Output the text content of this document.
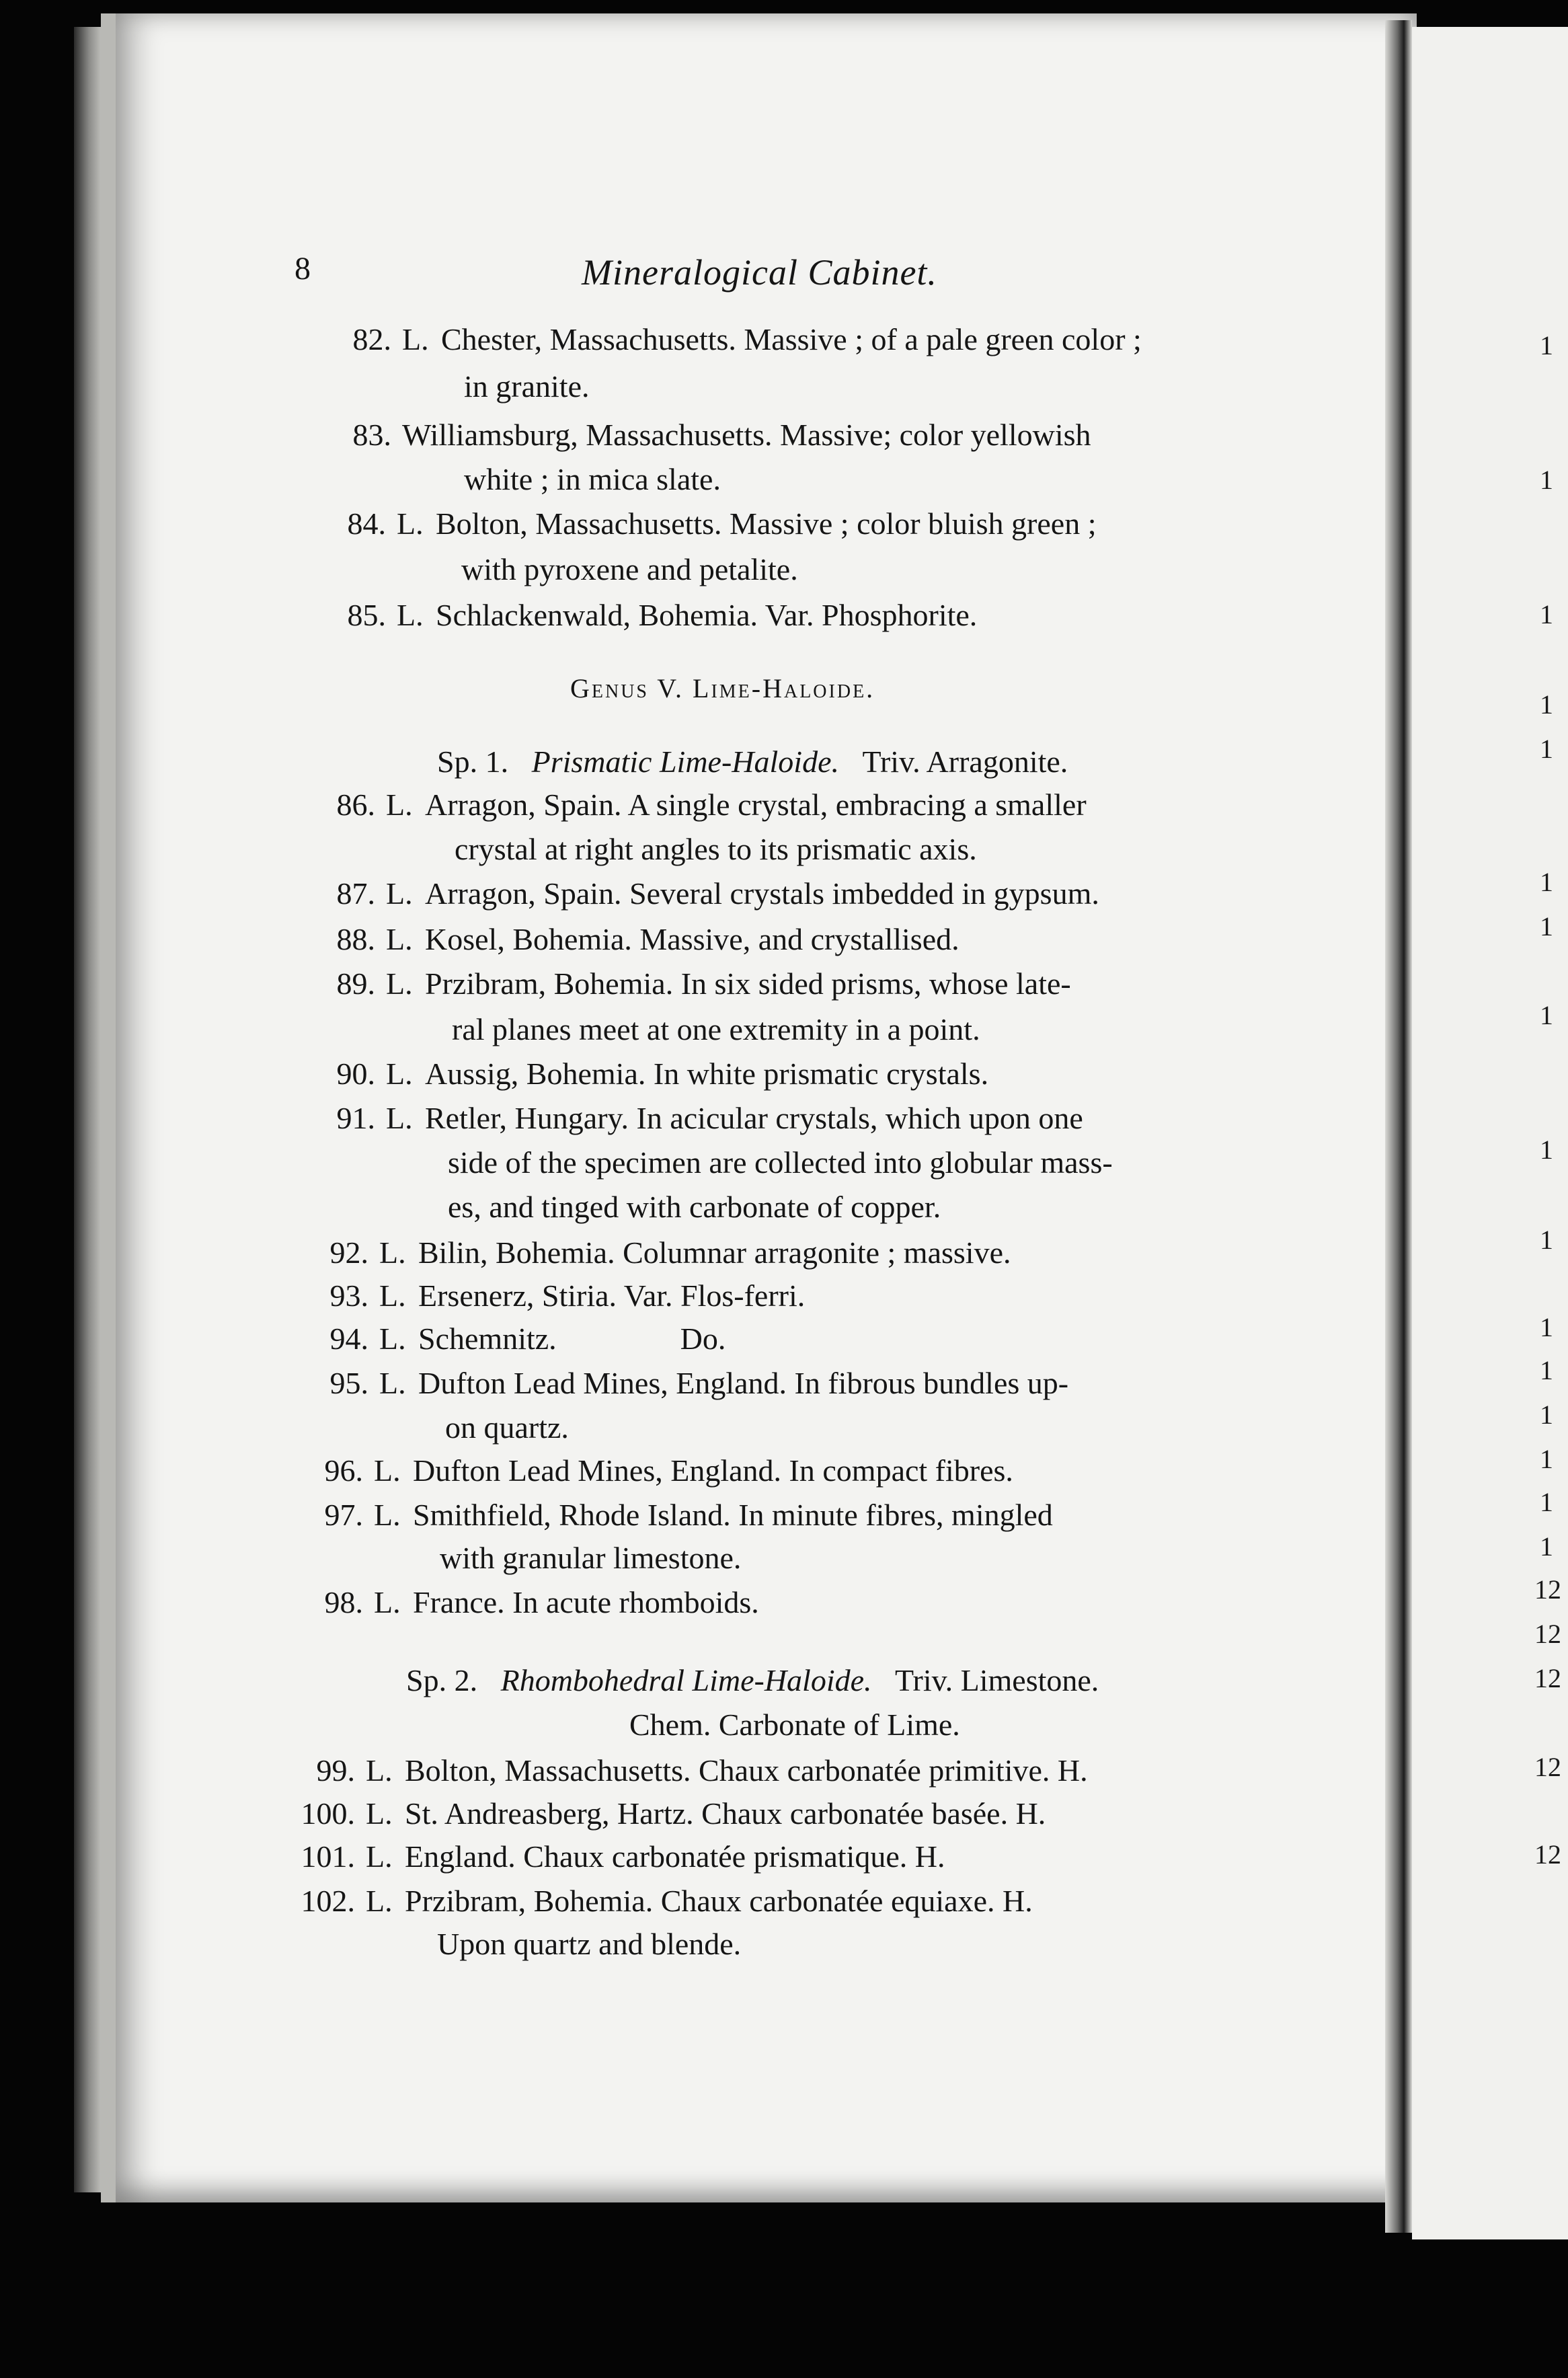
8	Mineralogical Cabinet.
82. L. Chester, Massachusetts. Massive ; of a pale green color ;
in granite.
83. Williamsburg, Massachusetts. Massive; color yellowish
white ; in mica slate.
84. L. Bolton, Massachusetts. Massive ; color bluish green ;
with pyroxene and petalite.
85. L. Schlackenwald, Bohemia. Var. Phosphorite.
Genus V. Lime-Haloide.
Sp. 1. Prismatic Lime-Haloide. Triv. Arragonite.
86. L. Arragon, Spain. A single crystal, embracing a smaller
crystal at right angles to its prismatic axis.
87. L. Arragon, Spain. Several crystals imbedded in gypsum.
88. L. Kosel, Bohemia. Massive, and crystallised.
89. L. Przibram, Bohemia. In six sided prisms, whose late-
ral planes meet at one extremity in a point.
90. L. Aussig, Bohemia. In white prismatic crystals.
91. L. Retler, Hungary. In acicular crystals, which upon one
side of the specimen are collected into globular mass-
es, and tinged with carbonate of copper.
92. L. Bilin, Bohemia. Columnar arragonite ; massive.
93. L. Ersenerz, Stiria. Var. Flos-ferri.
94. L. Schemnitz.                Do.
95. L. Dufton Lead Mines, England. In fibrous bundles up-
on quartz.
96. L. Dufton Lead Mines, England. In compact fibres.
97. L. Smithfield, Rhode Island. In minute fibres, mingled
with granular limestone.
98. L. France. In acute rhomboids.
Sp. 2. Rhombohedral Lime-Haloide. Triv. Limestone.
Chem. Carbonate of Lime.
99. L. Bolton, Massachusetts. Chaux carbonatée primitive. H.
100. L. St. Andreasberg, Hartz. Chaux carbonatée basée. H.
101. L. England. Chaux carbonatée prismatique. H.
102. L. Przibram, Bohemia. Chaux carbonatée equiaxe. H.
Upon quartz and blende.
1
1
1
1
1
1
1
1
1
1
1
1
1
1
1
1
12
12
12
12
12
